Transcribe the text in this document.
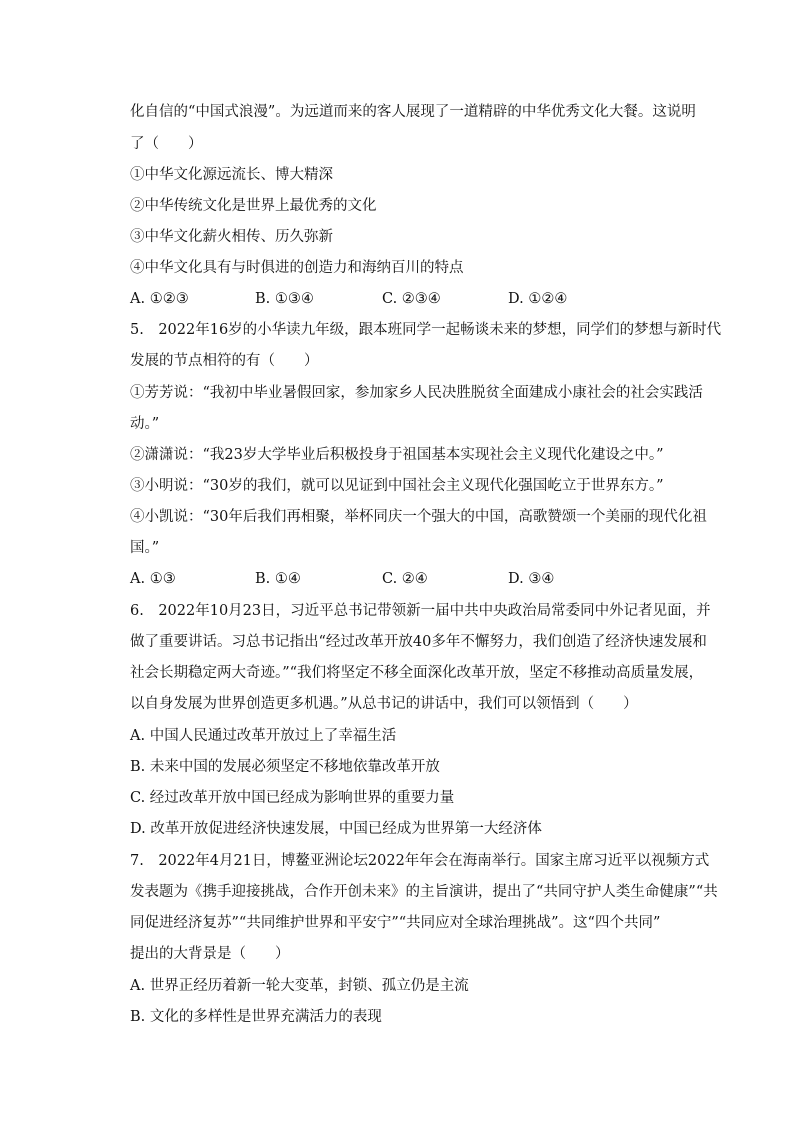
化自信的“中国式浪漫”。为远道而来的客人展现了一道精辟的中华优秀文化大餐。这说明
了（　　）
①中华文化源远流长、博大精深
②中华传统文化是世界上最优秀的文化
③中华文化薪火相传、历久弥新
④中华文化具有与时俱进的创造力和海纳百川的特点
A. ①②③	B. ①③④	C. ②③④	D. ①②④
5.　2022年16岁的小华读九年级，跟本班同学一起畅谈未来的梦想，同学们的梦想与新时代
发展的节点相符的有（　　）
①芳芳说：“我初中毕业暑假回家，参加家乡人民决胜脱贫全面建成小康社会的社会实践活
动。”
②潇潇说：“我23岁大学毕业后积极投身于祖国基本实现社会主义现代化建设之中。”
③小明说：“30岁的我们，就可以见证到中国社会主义现代化强国屹立于世界东方。”
④小凯说：“30年后我们再相聚，举杯同庆一个强大的中国，高歌赞颂一个美丽的现代化祖
国。”
A. ①③	B. ①④	C. ②④	D. ③④
6.　2022年10月23日，习近平总书记带领新一届中共中央政治局常委同中外记者见面，并
做了重要讲话。习总书记指出“经过改革开放40多年不懈努力，我们创造了经济快速发展和
社会长期稳定两大奇迹。”“我们将坚定不移全面深化改革开放，坚定不移推动高质量发展，
以自身发展为世界创造更多机遇。”从总书记的讲话中，我们可以领悟到（　　）
A. 中国人民通过改革开放过上了幸福生活
B. 未来中国的发展必须坚定不移地依靠改革开放
C. 经过改革开放中国已经成为影响世界的重要力量
D. 改革开放促进经济快速发展，中国已经成为世界第一大经济体
7.　2022年4月21日，博鳌亚洲论坛2022年年会在海南举行。国家主席习近平以视频方式
发表题为《携手迎接挑战，合作开创未来》的主旨演讲，提出了“共同守护人类生命健康”“共
同促进经济复苏”“共同维护世界和平安宁”“共同应对全球治理挑战”。这“四个共同”
提出的大背景是（　　）
A. 世界正经历着新一轮大变革，封锁、孤立仍是主流
B. 文化的多样性是世界充满活力的表现
